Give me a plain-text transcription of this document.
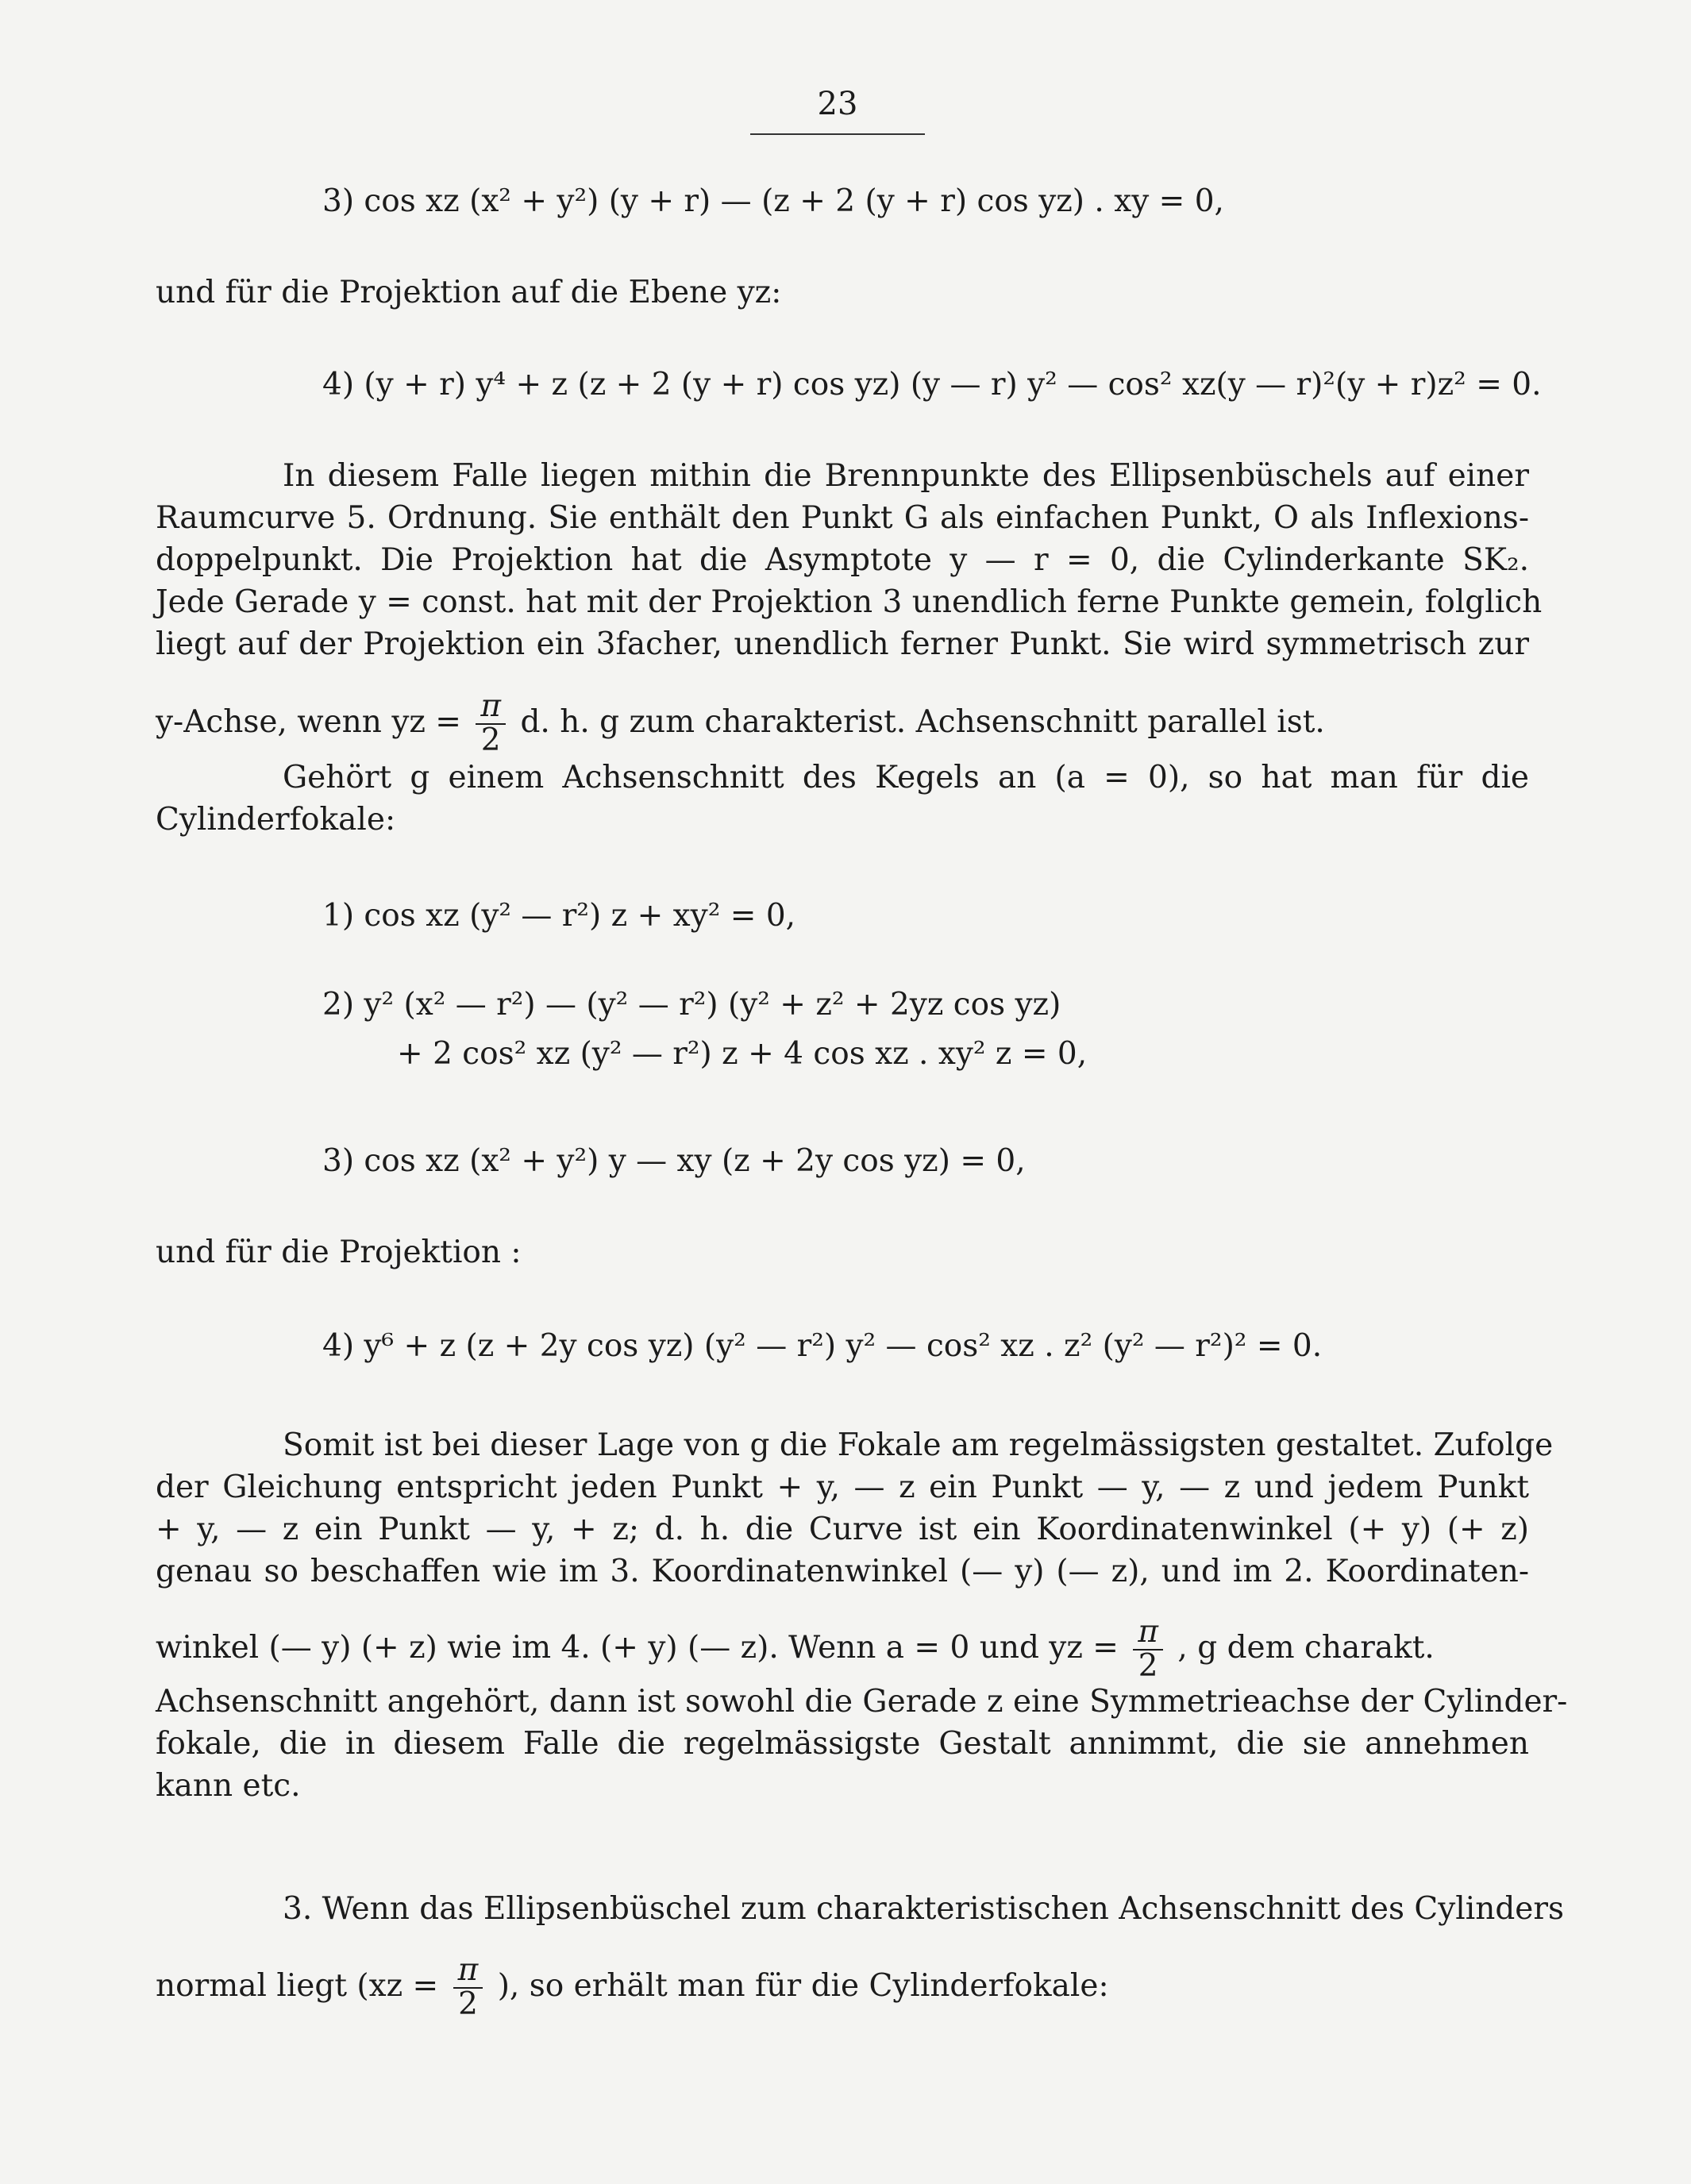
23
3) cos xz (x² + y²) (y + r) — (z + 2 (y + r) cos yz) . xy = 0,
und für die Projektion auf die Ebene yz:
4) (y + r) y⁴ + z (z + 2 (y + r) cos yz) (y — r) y² — cos² xz(y — r)²(y + r)z² = 0.
In diesem Falle liegen mithin die Brennpunkte des Ellipsenbüschels auf einer
Raumcurve 5. Ordnung. Sie enthält den Punkt G als einfachen Punkt, O als Inflexions-
doppelpunkt. Die Projektion hat die Asymptote y — r = 0, die Cylinderkante SK₂.
Jede Gerade y = const. hat mit der Projektion 3 unendlich ferne Punkte gemein, folglich
liegt auf der Projektion ein 3facher, unendlich ferner Punkt. Sie wird symmetrisch zur
y-Achse, wenn yz = $\frac{\pi}{2} d$. h. g zum charakterist. Achsenschnitt parallel ist.
Gehört g einem Achsenschnitt des Kegels an (a = 0), so hat man für die
Cylinderfokale:
1) cos xz (y² — r²) z + xy² = 0,
2) y² (x² — r²) — (y² — r²) (y² + z² + 2yz cos yz)
+ 2 cos² xz (y² — r²) z + 4 cos xz . xy² z = 0,
3) cos xz (x² + y²) y — xy (z + 2y cos yz) = 0,
und für die Projektion :
4) y⁶ + z (z + 2y cos yz) (y² — r²) y² — cos² xz . z² (y² — r²)² = 0.
Somit ist bei dieser Lage von g die Fokale am regelmässigsten gestaltet. Zufolge
der Gleichung entspricht jeden Punkt + y, — z ein Punkt — y, — z und jedem Punkt
+ y, — z ein Punkt — y, + z; d. h. die Curve ist ein Koordinatenwinkel (+ y) (+ z)
genau so beschaffen wie im 3. Koordinatenwinkel (— y) (— z), und im 2. Koordinaten-
winkel (— y) (+ z) wie im 4. (+ y) (— z). Wenn a = 0 und yz = $\frac{\pi}{2}$ , g dem charakt.
Achsenschnitt angehört, dann ist sowohl die Gerade z eine Symmetrieachse der Cylinder-
fokale, die in diesem Falle die regelmässigste Gestalt annimmt, die sie annehmen
kann etc.
3. Wenn das Ellipsenbüschel zum charakteristischen Achsenschnitt des Cylinders
normal liegt ($xz = \frac{\pi}{2}$ ), so erhält man für die Cylinderfokale:
